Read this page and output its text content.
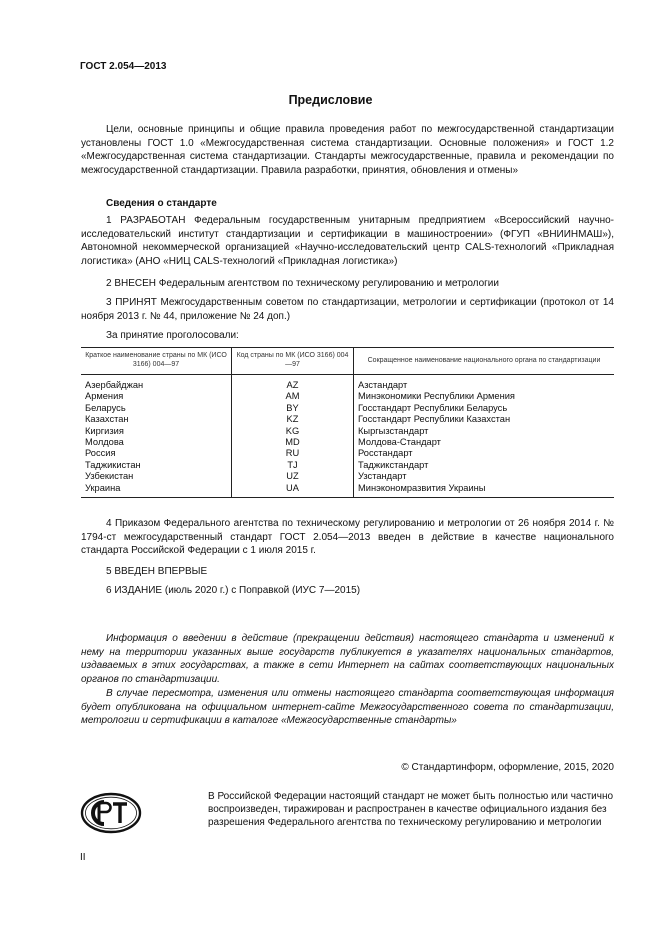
ГОСТ 2.054—2013
Предисловие
Цели, основные принципы и общие правила проведения работ по межгосударственной стандартизации установлены ГОСТ 1.0 «Межгосударственная система стандартизации. Основные положения» и ГОСТ 1.2 «Межгосударственная система стандартизации. Стандарты межгосударственные, правила и рекомендации по межгосударственной стандартизации. Правила разработки, принятия, обновления и отмены»
Сведения о стандарте
1 РАЗРАБОТАН Федеральным государственным унитарным предприятием «Всероссийский научно-исследовательский институт стандартизации и сертификации в машиностроении» (ФГУП «ВНИИНМАШ»), Автономной некоммерческой организацией «Научно-исследовательский центр CALS-технологий «Прикладная логистика» (АНО «НИЦ CALS-технологий «Прикладная логистика»)
2 ВНЕСЕН Федеральным агентством по техническому регулированию и метрологии
3 ПРИНЯТ Межгосударственным советом по стандартизации, метрологии и сертификации (протокол от 14 ноября 2013 г. № 44, приложение № 24 доп.)
За принятие проголосовали:
Краткое наименование страны по МК (ИСО 3166) 004—97	Код страны по МК (ИСО 3166) 004—97	Сокращенное наименование национального органа по стандартизации
Азербайджан	AZ	Азстандарт
Армения	AM	Минэкономики Республики Армения
Беларусь	BY	Госстандарт Республики Беларусь
Казахстан	KZ	Госстандарт Республики Казахстан
Киргизия	KG	Кыргызстандарт
Молдова	MD	Молдова-Стандарт
Россия	RU	Росстандарт
Таджикистан	TJ	Таджикстандарт
Узбекистан	UZ	Узстандарт
Украина	UA	Минэкономразвития Украины
4 Приказом Федерального агентства по техническому регулированию и метрологии от 26 ноября 2014 г. № 1794-ст межгосударственный стандарт ГОСТ 2.054—2013 введен в действие в качестве национального стандарта Российской Федерации с 1 июля 2015 г.
5 ВВЕДЕН ВПЕРВЫЕ
6 ИЗДАНИЕ (июль 2020 г.) с Поправкой (ИУС 7—2015)
Информация о введении в действие (прекращении действия) настоящего стандарта и изменений к нему на территории указанных выше государств публикуется в указателях национальных стандартов, издаваемых в этих государствах, а также в сети Интернет на сайтах соответствующих национальных органов по стандартизации.
В случае пересмотра, изменения или отмены настоящего стандарта соответствующая информация будет опубликована на официальном интернет-сайте Межгосударственного совета по стандартизации, метрологии и сертификации в каталоге «Межгосударственные стандарты»
© Стандартинформ, оформление, 2015, 2020
В Российской Федерации настоящий стандарт не может быть полностью или частично воспроизведен, тиражирован и распространен в качестве официального издания без разрешения Федерального агентства по техническому регулированию и метрологии
II
